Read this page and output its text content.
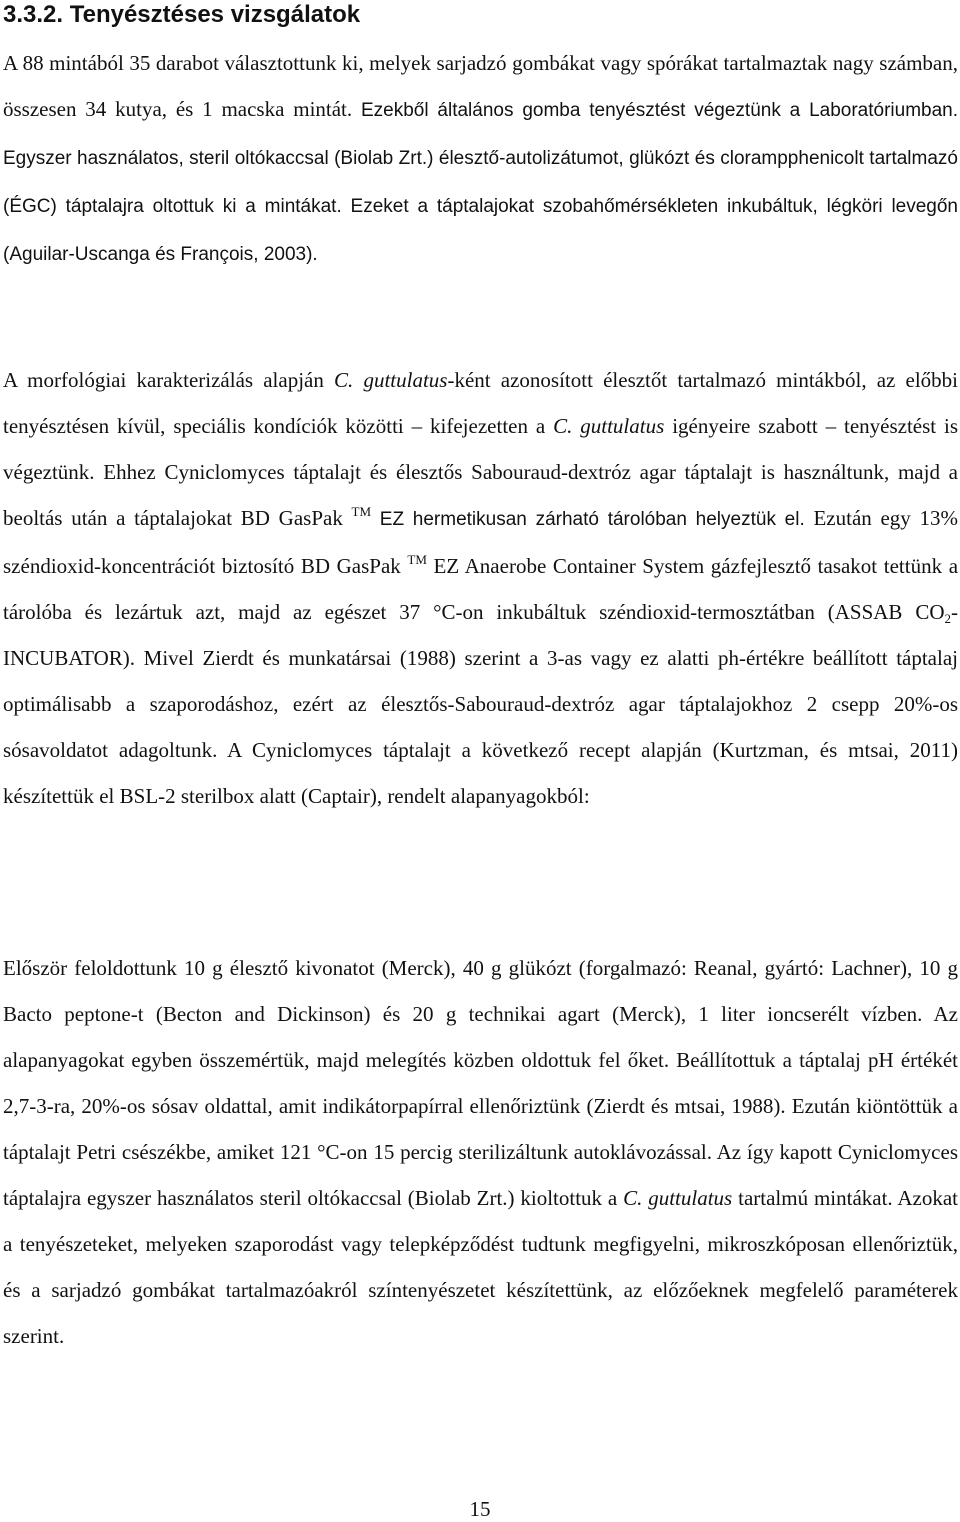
3.3.2. Tenyésztéses vizsgálatok

A 88 mintából 35 darabot választottunk ki, melyek sarjadzó gombákat vagy spórákat tartalmaztak nagy számban, összesen 34 kutya, és 1 macska mintát. Ezekből általános gomba tenyésztést végeztünk a Laboratóriumban. Egyszer használatos, steril oltókaccsal (Biolab Zrt.) élesztő-autolizátumot, glükózt és clorampphenicolt tartalmazó (ÉGC) táptalajra oltottuk ki a mintákat. Ezeket a táptalajokat szobahőmérsékleten inkubáltuk, légköri levegőn (Aguilar-Uscanga és François, 2003).

A morfológiai karakterizálás alapján C. guttulatus-ként azonosított élesztőt tartalmazó mintákból, az előbbi tenyésztésen kívül, speciális kondíciók közötti – kifejezetten a C. guttulatus igényeire szabott – tenyésztést is végeztünk. Ehhez Cyniclomyces táptalajt és élesztős Sabouraud-dextróz agar táptalajt is használtunk, majd a beoltás után a táptalajokat BD GasPak ™ EZ hermetikusan zárható tárolóban helyeztük el. Ezután egy 13% széndioxid-koncentrációt biztosító BD GasPak ™ EZ Anaerobe Container System gázfejlesztő tasakot tettünk a tárolóba és lezártuk azt, majd az egészet 37 °C-on inkubáltuk széndioxid-termosztátban (ASSAB $CO_2-INCUBATOR$). Mivel Zierdt és munkatársai (1988) szerint a 3-as vagy ez alatti ph-értékre beállított táptalaj optimálisabb a szaporodáshoz, ezért az élesztős-Sabouraud-dextróz agar táptalajokhoz 2 csepp 20%-os sósavoldatot adagoltunk. A Cyniclomyces táptalajt a következő recept alapján (Kurtzman, és mtsai, 2011) készítettük el BSL-2 sterilbox alatt (Captair), rendelt alapanyagokból:

Először feloldottunk 10 g élesztő kivonatot (Merck), 40 g glükózt (forgalmazó: Reanal, gyártó: Lachner), 10 g Bacto peptone-t (Becton and Dickinson) és 20 g technikai agart (Merck), 1 liter ioncserélt vízben. Az alapanyagokat egyben összemértük, majd melegítés közben oldottuk fel őket. Beállítottuk a táptalaj pH értékét 2,7-3-ra, 20%-os sósav oldattal, amit indikátorpapírral ellenőriztünk (Zierdt és mtsai, 1988). Ezután kiöntöttük a táptalajt Petri csészékbe, amiket 121 °C-on 15 percig sterilizáltunk autoklávozással. Az így kapott Cyniclomyces táptalajra egyszer használatos steril oltókaccsal (Biolab Zrt.) kioltottuk a C. guttulatus tartalmú mintákat. Azokat a tenyészeteket, melyeken szaporodást vagy telepképződést tudtunk megfigyelni, mikroszkóposan ellenőriztük, és a sarjadzó gombákat tartalmazóakról színtenyészetet készítettünk, az előzőeknek megfelelő paraméterek szerint.

15
